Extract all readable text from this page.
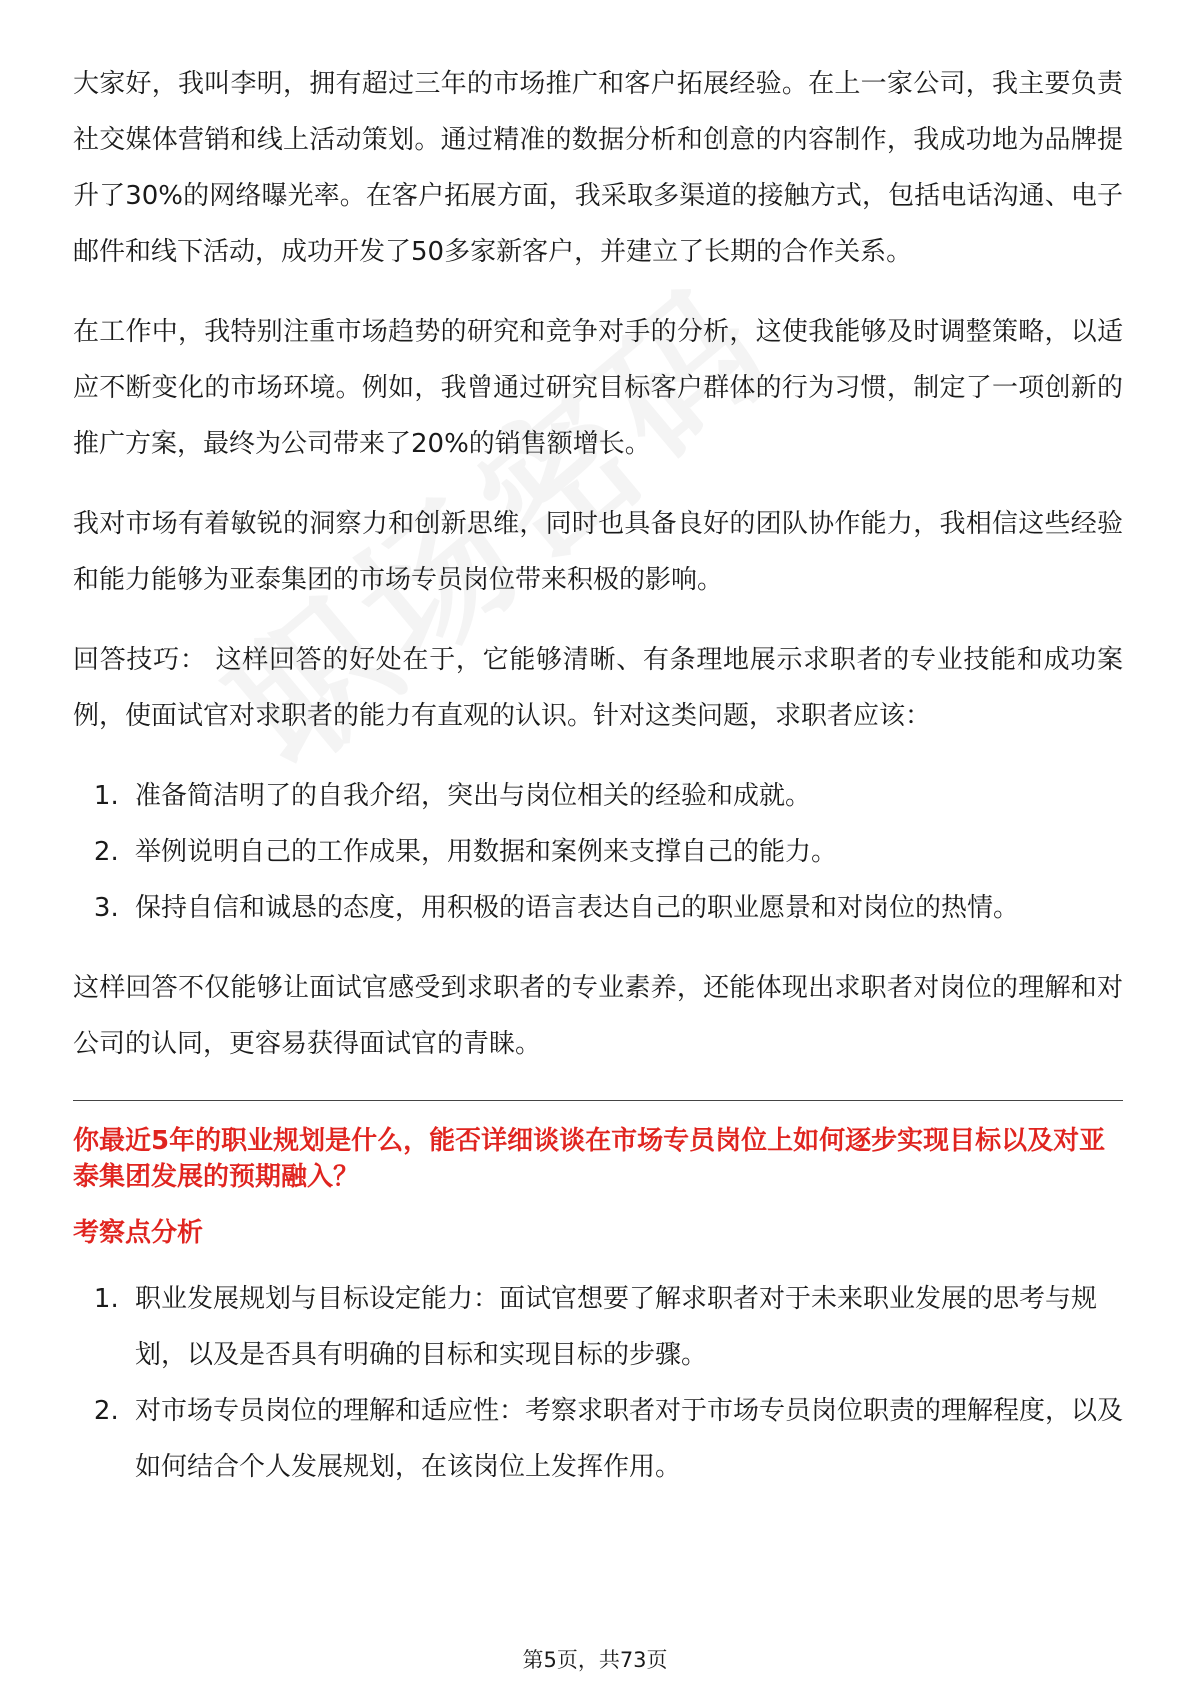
大家好，我叫李明，拥有超过三年的市场推广和客户拓展经验。在上一家公司，我主要负责社交媒体营销和线上活动策划。通过精准的数据分析和创意的内容制作，我成功地为品牌提升了30%的网络曝光率。在客户拓展方面，我采取多渠道的接触方式，包括电话沟通、电子邮件和线下活动，成功开发了50多家新客户，并建立了长期的合作关系。

在工作中，我特别注重市场趋势的研究和竞争对手的分析，这使我能够及时调整策略，以适应不断变化的市场环境。例如，我曾通过研究目标客户群体的行为习惯，制定了一项创新的推广方案，最终为公司带来了20%的销售额增长。

我对市场有着敏锐的洞察力和创新思维，同时也具备良好的团队协作能力，我相信这些经验和能力能够为亚泰集团的市场专员岗位带来积极的影响。

回答技巧： 这样回答的好处在于，它能够清晰、有条理地展示求职者的专业技能和成功案例，使面试官对求职者的能力有直观的认识。针对这类问题，求职者应该：

1. 准备简洁明了的自我介绍，突出与岗位相关的经验和成就。
2. 举例说明自己的工作成果，用数据和案例来支撑自己的能力。
3. 保持自信和诚恳的态度，用积极的语言表达自己的职业愿景和对岗位的热情。

这样回答不仅能够让面试官感受到求职者的专业素养，还能体现出求职者对岗位的理解和对公司的认同，更容易获得面试官的青睐。

你最近5年的职业规划是什么，能否详细谈谈在市场专员岗位上如何逐步实现目标以及对亚泰集团发展的预期融入？
考察点分析
1. 职业发展规划与目标设定能力：面试官想要了解求职者对于未来职业发展的思考与规划，以及是否具有明确的目标和实现目标的步骤。
2. 对市场专员岗位的理解和适应性：考察求职者对于市场专员岗位职责的理解程度，以及如何结合个人发展规划，在该岗位上发挥作用。
第5页，共73页
